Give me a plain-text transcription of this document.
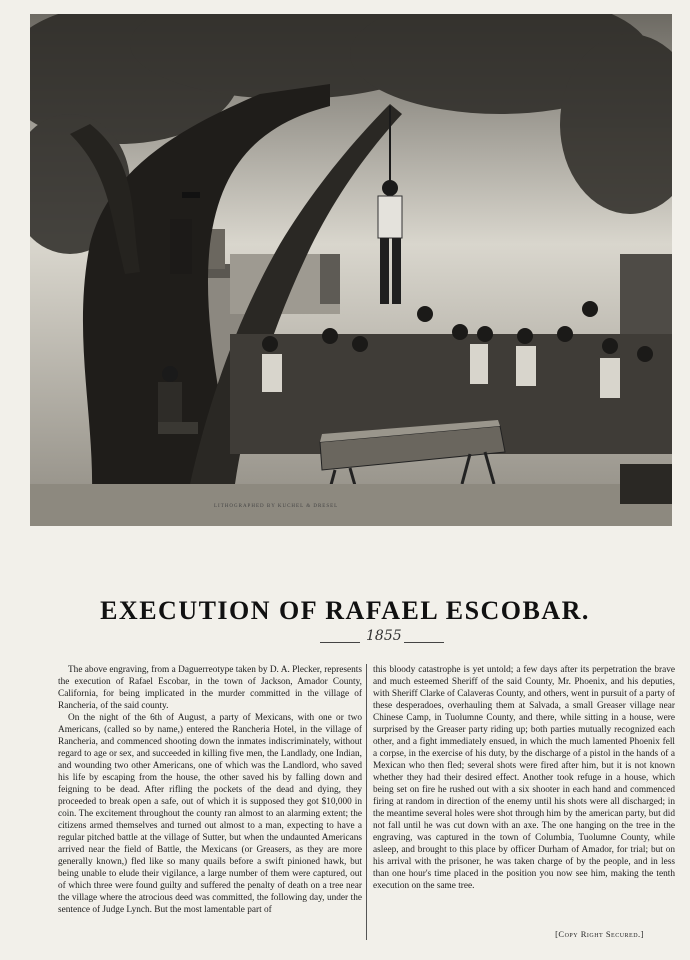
LITHOGRAPHED BY KUCHEL & DRESEL
EXECUTION OF RAFAEL ESCOBAR.
1855

The above engraving, from a Daguerreotype taken by D. A. Plecker, represents the execution of Rafael Escobar, in the town of Jackson, Amador County, California, for being implicated in the murder committed in the village of Rancheria, of the said county.

On the night of the 6th of August, a party of Mexicans, with one or two Americans, (called so by name,) entered the Rancheria Hotel, in the village of Rancheria, and commenced shooting down the inmates indiscriminately, without regard to age or sex, and succeeded in killing five men, the Landlady, one Indian, and wounding two other Americans, one of which was the Landlord, who saved his life by escaping from the house, the other saved his by falling down and feigning to be dead. After rifling the pockets of the dead and dying, they proceeded to break open a safe, out of which it is supposed they got $10,000 in coin. The excitement throughout the county ran almost to an alarming extent; the citizens armed themselves and turned out almost to a man, expecting to have a regular pitched battle at the village of Sutter, but when the undaunted Americans arrived near the field of Battle, the Mexicans (or Greasers, as they are more generally known,) fled like so many quails before a swift pinioned hawk, but being unable to elude their vigilance, a large number of them were captured, out of which three were found guilty and suffered the penalty of death on a tree near the village where the atrocious deed was committed, the following day, under the sentence of Judge Lynch. But the most lamentable part of

this bloody catastrophe is yet untold; a few days after its perpetration the brave and much esteemed Sheriff of the said County, Mr. Phoenix, and his deputies, with Sheriff Clarke of Calaveras County, and others, went in pursuit of a party of these desperadoes, overhauling them at Salvada, a small Greaser village near Chinese Camp, in Tuolumne County, and there, while sitting in a house, were surprised by the Greaser party riding up; both parties mutually recognized each other, and a fight immediately ensued, in which the much lamented Phoenix fell a corpse, in the exercise of his duty, by the discharge of a pistol in the hands of a Mexican who then fled; several shots were fired after him, but it is not known whether they had their desired effect. Another took refuge in a house, which being set on fire he rushed out with a six shooter in each hand and commenced firing at random in direction of the enemy until his shots were all discharged; in the meantime several holes were shot through him by the american party, but did not fall until he was cut down with an axe. The one hanging on the tree in the engraving, was captured in the town of Columbia, Tuolumne County, while asleep, and brought to this place by officer Durham of Amador, for trial; but on his arrival with the prisoner, he was taken charge of by the people, and in less than one hour's time placed in the position you now see him, making the tenth execution on the same tree.

[Copy Right Secured.]
